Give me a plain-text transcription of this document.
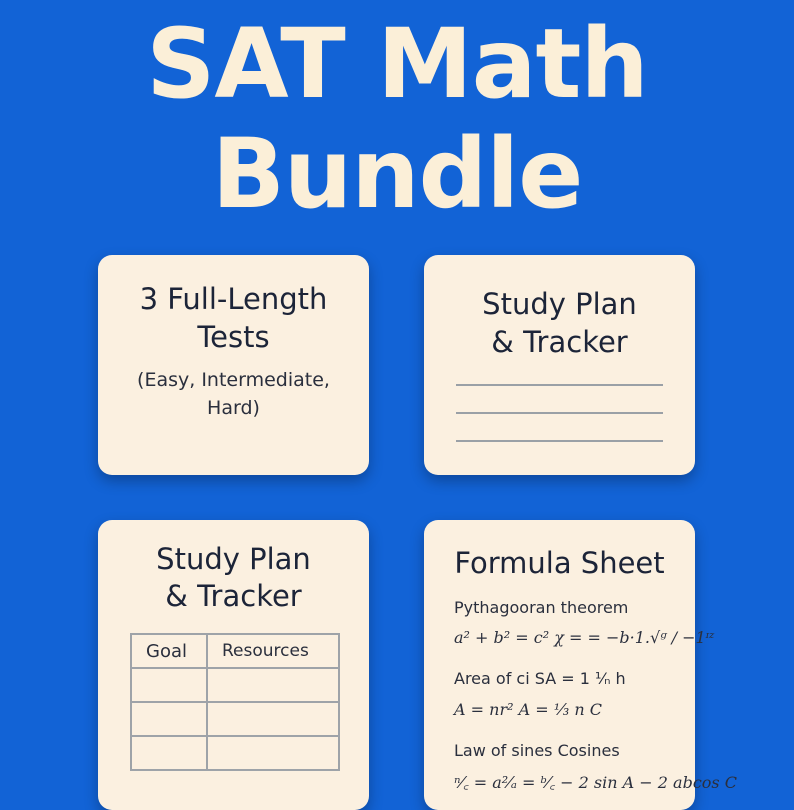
SAT Math
Bundle
3 Full-Length
Tests
(Easy, Intermediate,
Hard)
Study Plan
& Tracker
Study Plan
& Tracker
Goal	Resources

Formula Sheet
Pythagooran theorem
a² + b² = c² χ = = −b·1.√ᵍ / −1ᶦᶻ
Area of ci SA = 1 ¹⁄ₙ h
A = nr² A = ⅓ n C
Law of sines Cosines
ⁿ⁄꜀ = a²⁄ₐ = ᵇ⁄꜀ − 2 sin A − 2 abcos C
